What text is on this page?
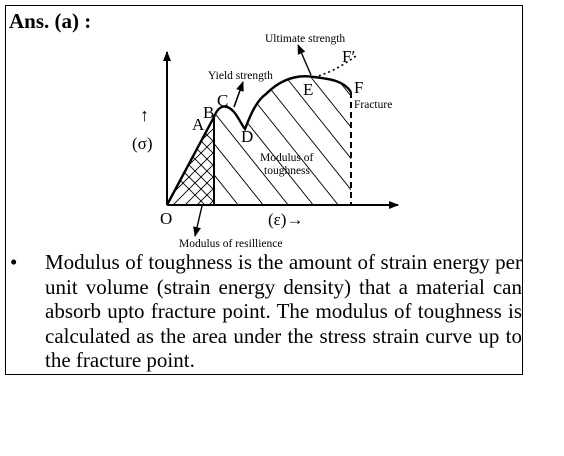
Ans. (a) :
Ultimate strength
F′
Yield strength
A
B
C
D
E F
Fracture
Modulus of
toughness
O	(ε)→
↑
(σ)
Modulus of resillience
• Modulus of toughness is the amount of strain energy per unit volume (strain energy density) that a material can absorb upto fracture point. The modulus of toughness is calculated as the area under the stress strain curve up to the fracture point.
